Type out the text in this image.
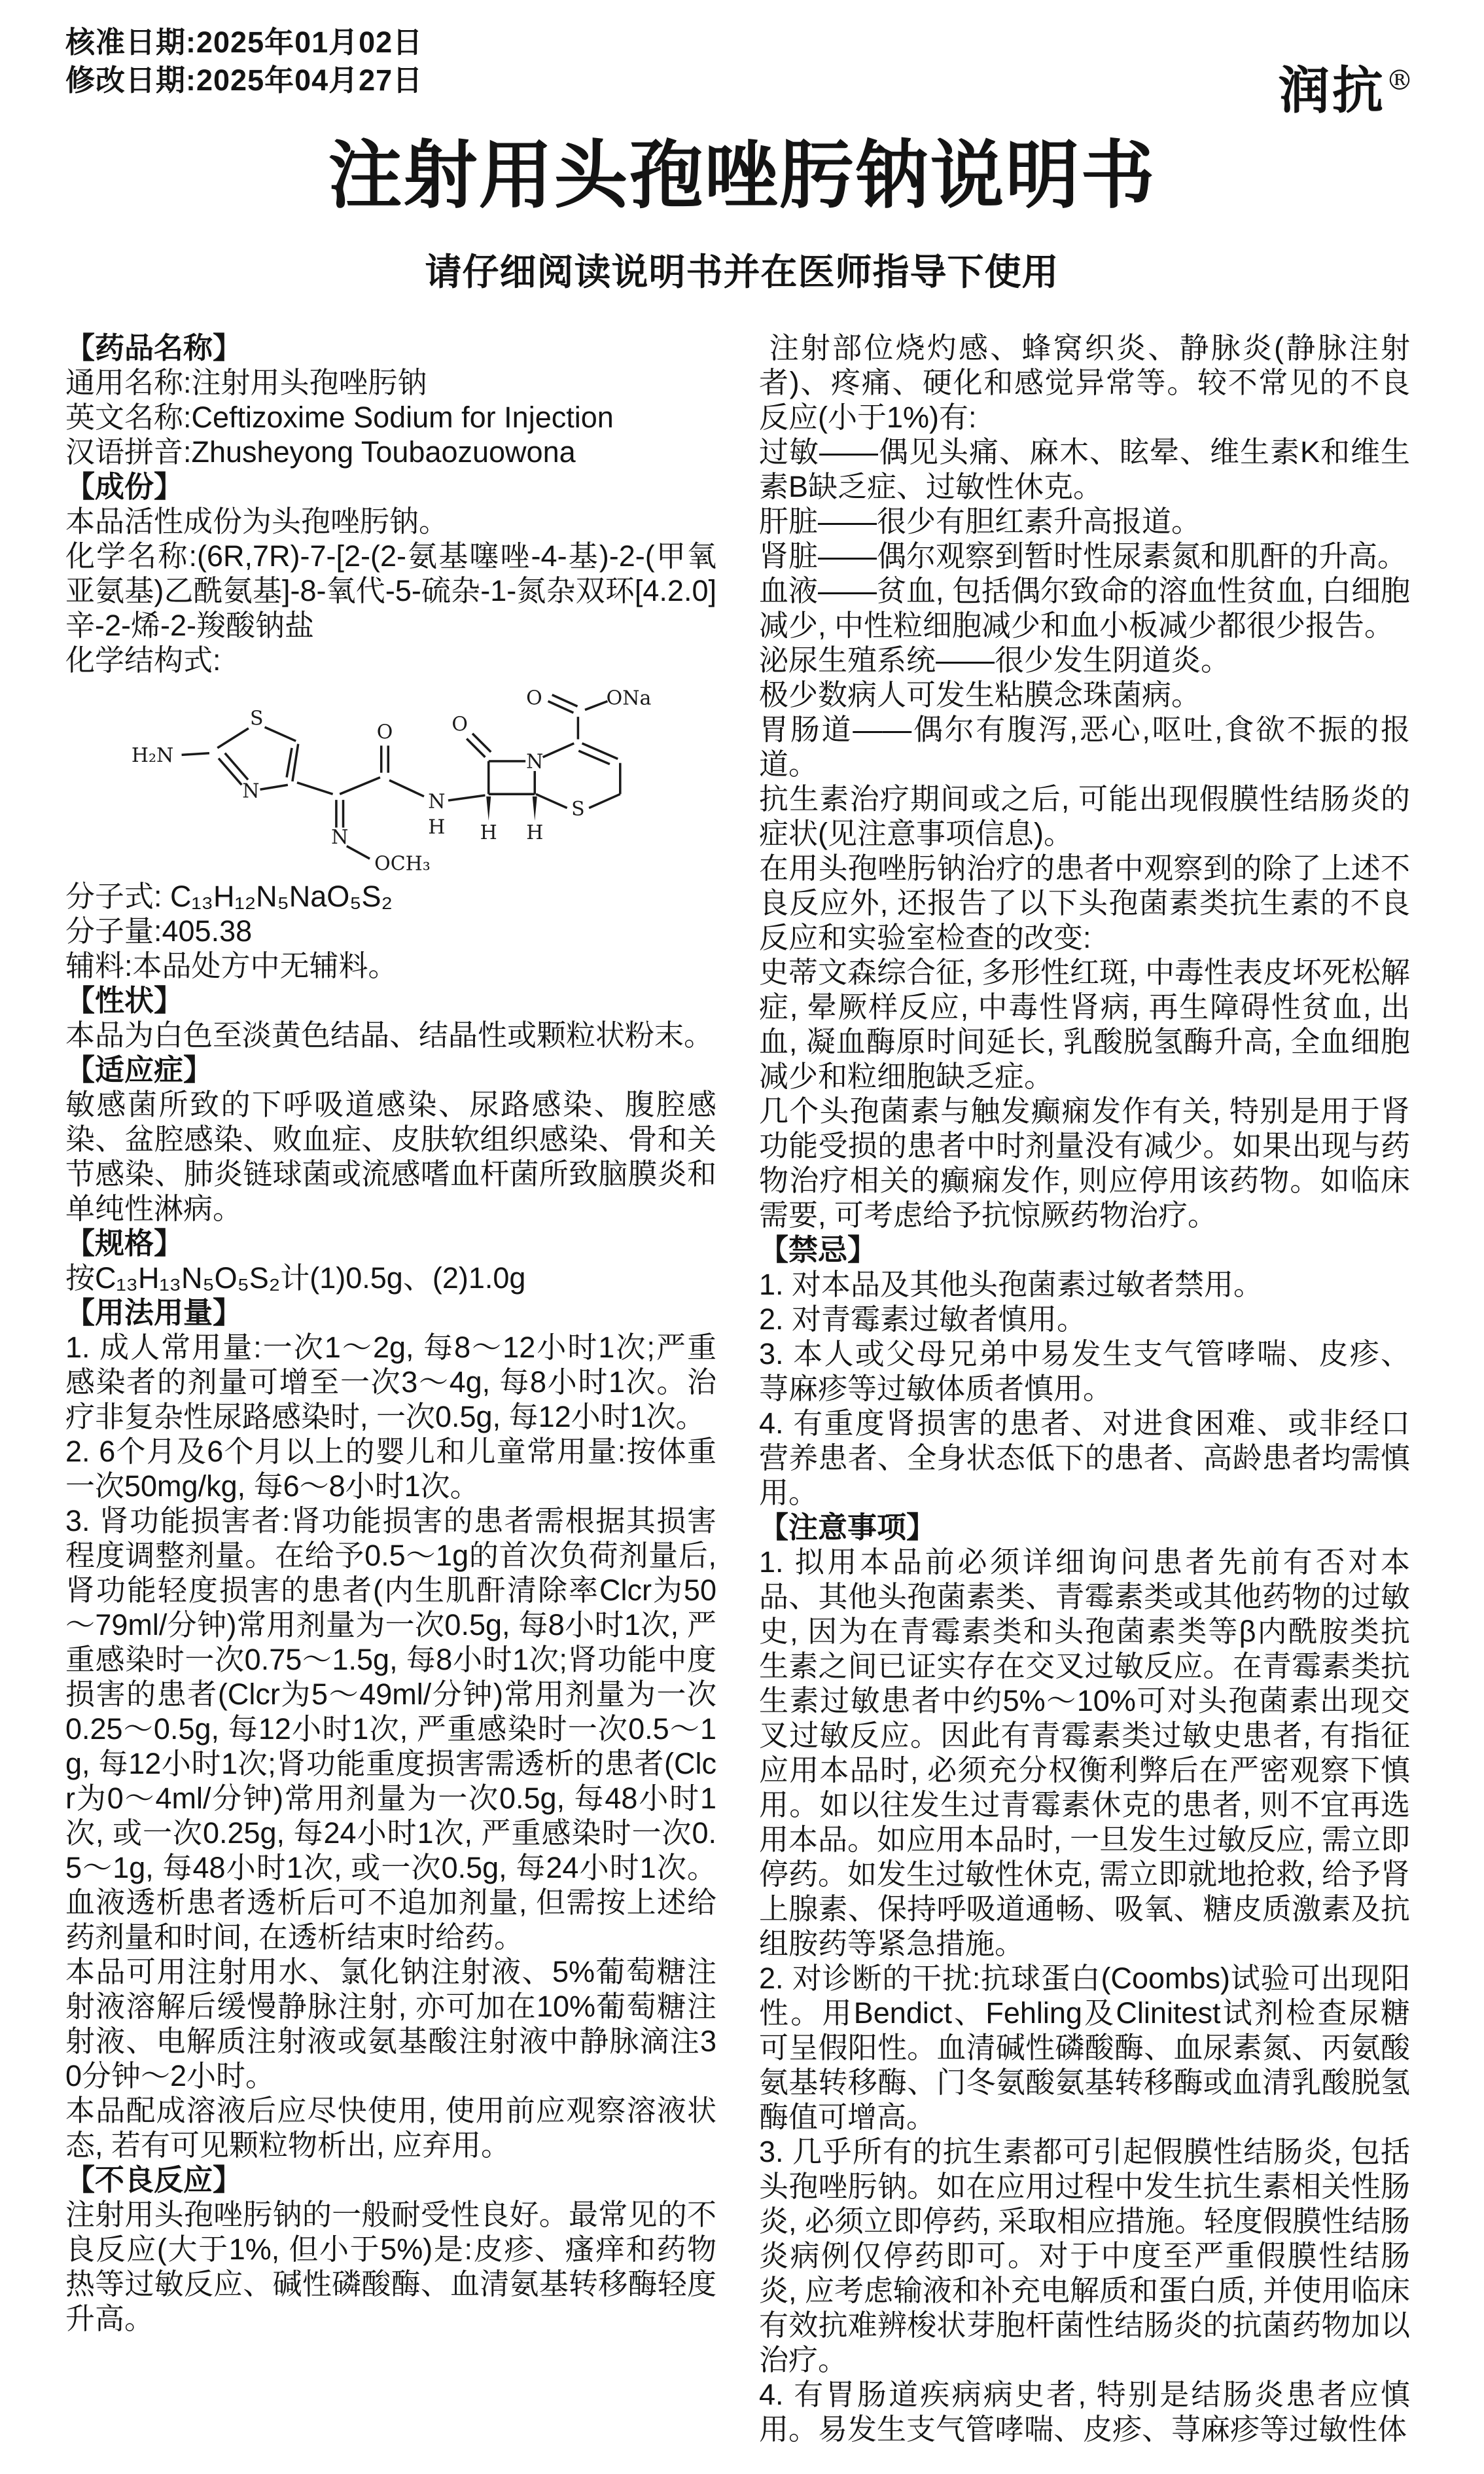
核准日期:2025年01月02日
修改日期:2025年04月27日	润抗®
注射用头孢唑肟钠说明书
请仔细阅读说明书并在医师指导下使用
【药品名称】

通用名称:注射用头孢唑肟钠

英文名称:Ceftizoxime Sodium for Injection

汉语拼音:Zhusheyong Toubaozuowona

【成份】

本品活性成份为头孢唑肟钠。

化学名称:(6R,7R)-7-[2-(2-氨基噻唑-4-基)-2-(甲氧亚氨基)乙酰氨基]-8-氧代-5-硫杂-1-氮杂双环[4.2.0]辛-2-烯-2-羧酸钠盐

化学结构式:

H₂N
S
N
N
OCH₃
O
N
H
O
N
H H
S
O	ONa

分子式: C₁₃H₁₂N₅NaO₅S₂

分子量:405.38

辅料:本品处方中无辅料。

【性状】

本品为白色至淡黄色结晶、结晶性或颗粒状粉末。

【适应症】

敏感菌所致的下呼吸道感染、尿路感染、腹腔感染、盆腔感染、败血症、皮肤软组织感染、骨和关节感染、肺炎链球菌或流感嗜血杆菌所致脑膜炎和单纯性淋病。

【规格】

按C₁₃H₁₃N₅O₅S₂计(1)0.5g、(2)1.0g

【用法用量】

1. 成人常用量:一次1～2g, 每8～12小时1次;严重感染者的剂量可增至一次3～4g, 每8小时1次。治疗非复杂性尿路感染时, 一次0.5g, 每12小时1次。

2. 6个月及6个月以上的婴儿和儿童常用量:按体重一次50mg/kg, 每6～8小时1次。

3. 肾功能损害者:肾功能损害的患者需根据其损害程度调整剂量。在给予0.5～1g的首次负荷剂量后, 肾功能轻度损害的患者(内生肌酐清除率Clcr为50～79ml/分钟)常用剂量为一次0.5g, 每8小时1次, 严重感染时一次0.75～1.5g, 每8小时1次;肾功能中度损害的患者(Clcr为5～49ml/分钟)常用剂量为一次0.25～0.5g, 每12小时1次, 严重感染时一次0.5～1g, 每12小时1次;肾功能重度损害需透析的患者(Clcr为0～4ml/分钟)常用剂量为一次0.5g, 每48小时1次, 或一次0.25g, 每24小时1次, 严重感染时一次0.5～1g, 每48小时1次, 或一次0.5g, 每24小时1次。血液透析患者透析后可不追加剂量, 但需按上述给药剂量和时间, 在透析结束时给药。

本品可用注射用水、氯化钠注射液、5%葡萄糖注射液溶解后缓慢静脉注射, 亦可加在10%葡萄糖注射液、电解质注射液或氨基酸注射液中静脉滴注30分钟～2小时。

本品配成溶液后应尽快使用, 使用前应观察溶液状态, 若有可见颗粒物析出, 应弃用。

【不良反应】

注射用头孢唑肟钠的一般耐受性良好。最常见的不良反应(大于1%, 但小于5%)是:皮疹、瘙痒和药物热等过敏反应、碱性磷酸酶、血清氨基转移酶轻度升高。

注射部位烧灼感、蜂窝织炎、静脉炎(静脉注射者)、疼痛、硬化和感觉异常等。较不常见的不良反应(小于1%)有:

过敏——偶见头痛、麻木、眩晕、维生素K和维生素B缺乏症、过敏性休克。

肝脏——很少有胆红素升高报道。

肾脏——偶尔观察到暂时性尿素氮和肌酐的升高。

血液——贫血, 包括偶尔致命的溶血性贫血, 白细胞减少, 中性粒细胞减少和血小板减少都很少报告。

泌尿生殖系统——很少发生阴道炎。

极少数病人可发生粘膜念珠菌病。

胃肠道——偶尔有腹泻,恶心,呕吐,食欲不振的报道。

抗生素治疗期间或之后, 可能出现假膜性结肠炎的症状(见注意事项信息)。

在用头孢唑肟钠治疗的患者中观察到的除了上述不良反应外, 还报告了以下头孢菌素类抗生素的不良反应和实验室检查的改变:

史蒂文森综合征, 多形性红斑, 中毒性表皮坏死松解症, 晕厥样反应, 中毒性肾病, 再生障碍性贫血, 出血, 凝血酶原时间延长, 乳酸脱氢酶升高, 全血细胞减少和粒细胞缺乏症。

几个头孢菌素与触发癫痫发作有关, 特别是用于肾功能受损的患者中时剂量没有减少。如果出现与药物治疗相关的癫痫发作, 则应停用该药物。如临床需要, 可考虑给予抗惊厥药物治疗。

【禁忌】

1. 对本品及其他头孢菌素过敏者禁用。

2. 对青霉素过敏者慎用。

3. 本人或父母兄弟中易发生支气管哮喘、皮疹、荨麻疹等过敏体质者慎用。

4. 有重度肾损害的患者、对进食困难、或非经口营养患者、全身状态低下的患者、高龄患者均需慎用。

【注意事项】

1. 拟用本品前必须详细询问患者先前有否对本品、其他头孢菌素类、青霉素类或其他药物的过敏史, 因为在青霉素类和头孢菌素类等β内酰胺类抗生素之间已证实存在交叉过敏反应。在青霉素类抗生素过敏患者中约5%～10%可对头孢菌素出现交叉过敏反应。因此有青霉素类过敏史患者, 有指征应用本品时, 必须充分权衡利弊后在严密观察下慎用。如以往发生过青霉素休克的患者, 则不宜再选用本品。如应用本品时, 一旦发生过敏反应, 需立即停药。如发生过敏性休克, 需立即就地抢救, 给予肾上腺素、保持呼吸道通畅、吸氧、糖皮质激素及抗组胺药等紧急措施。

2. 对诊断的干扰:抗球蛋白(Coombs)试验可出现阳性。用Bendict、Fehling及Clinitest试剂检查尿糖可呈假阳性。血清碱性磷酸酶、血尿素氮、丙氨酸氨基转移酶、门冬氨酸氨基转移酶或血清乳酸脱氢酶值可增高。

3. 几乎所有的抗生素都可引起假膜性结肠炎, 包括头孢唑肟钠。如在应用过程中发生抗生素相关性肠炎, 必须立即停药, 采取相应措施。轻度假膜性结肠炎病例仅停药即可。对于中度至严重假膜性结肠炎, 应考虑输液和补充电解质和蛋白质, 并使用临床有效抗难辨梭状芽胞杆菌性结肠炎的抗菌药物加以治疗。

4. 有胃肠道疾病病史者, 特别是结肠炎患者应慎用。易发生支气管哮喘、皮疹、荨麻疹等过敏性体
